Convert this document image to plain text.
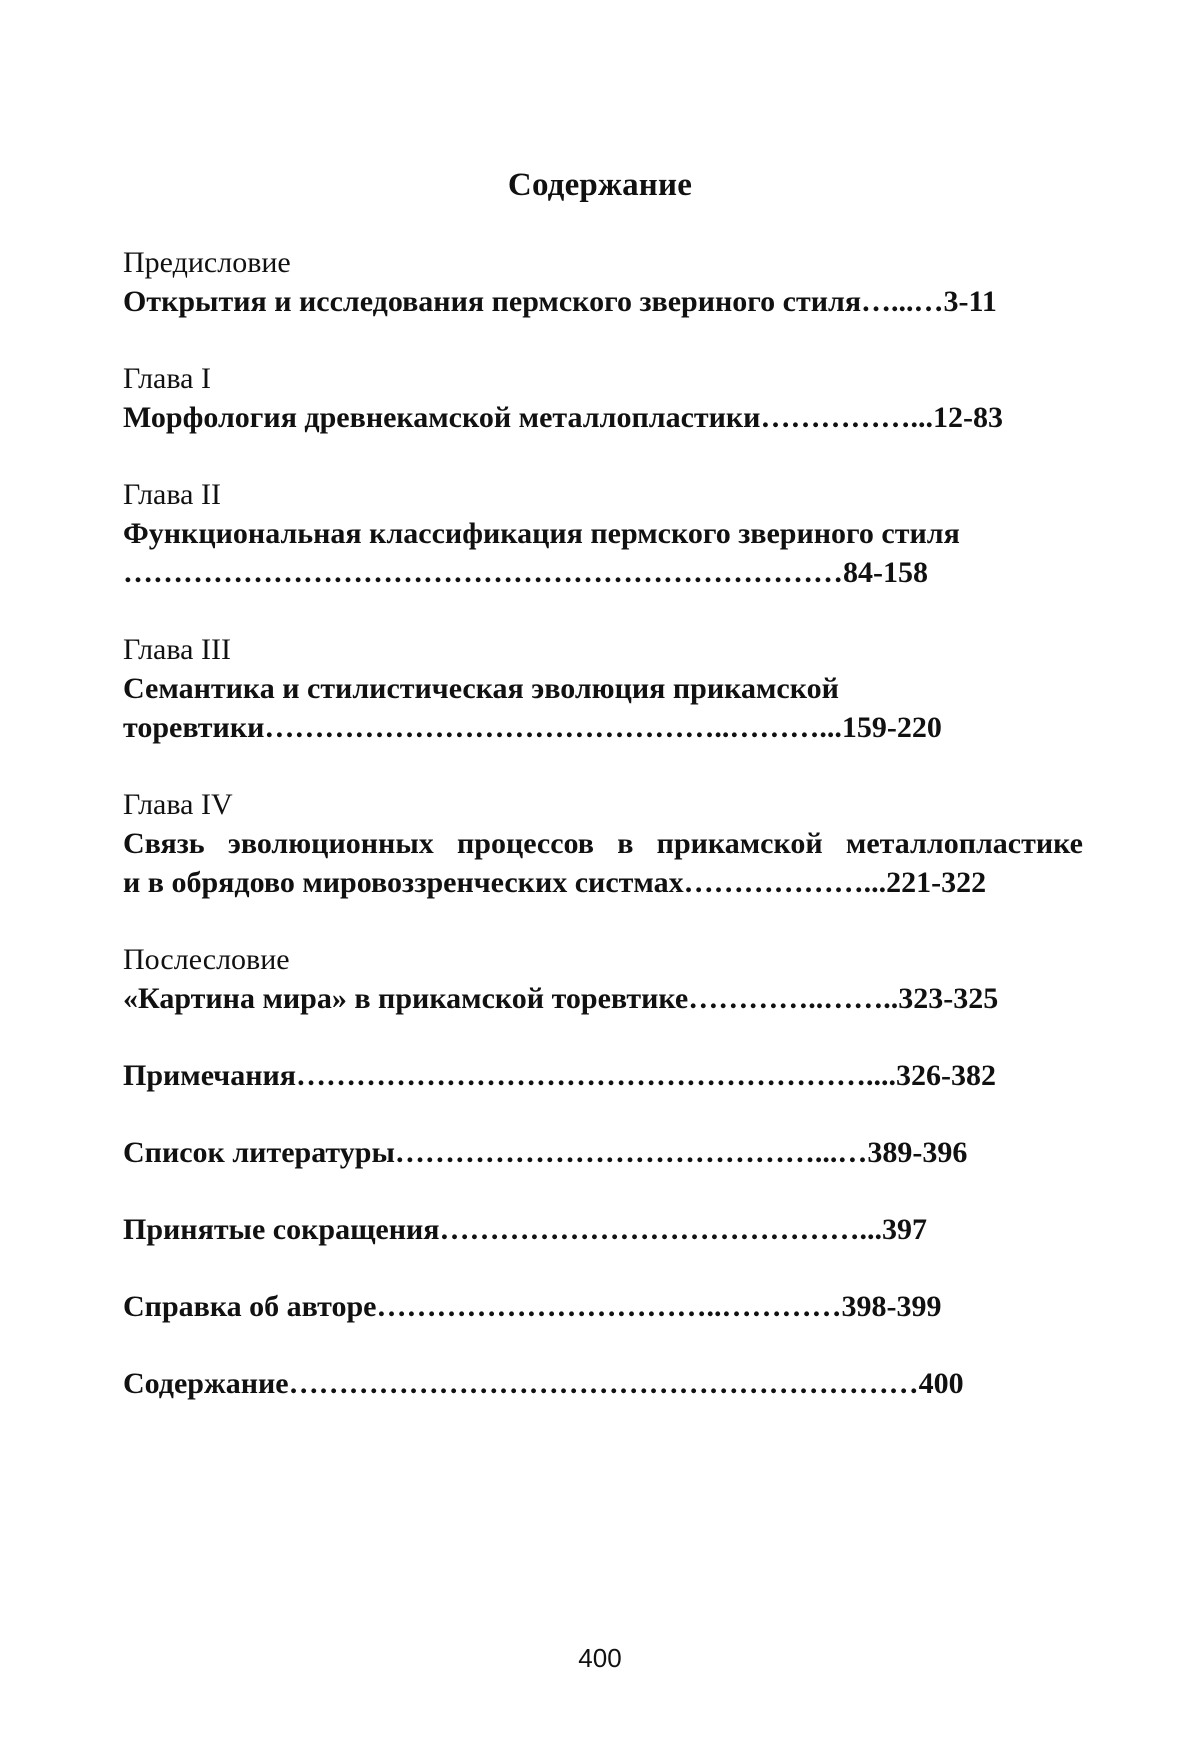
Содержание
Предисловие
Открытия и исследования пермского звериного стиля…...…3-11
Глава I
Морфология древнекамской металлопластики……………...12-83
Глава II
Функциональная классификация пермского звериного стиля
………………………………………………………………84-158
Глава III
Семантика и стилистическая эволюция прикамской
торевтики………………………………………..………...159-220
Глава IV
Связь эволюционных процессов в прикамской металлопластике
и в обрядово мировоззренческих систмах………………...221-322
Послесловие
«Картина мира» в прикамской торевтике…………..……..323-325
Примечания…………………………………………………....326-382
Список литературы……………………………………...…389-396
Принятые сокращения……………………………………...397
Справка об авторе……………………………..…………398-399
Содержание………………………………………………………400
400
